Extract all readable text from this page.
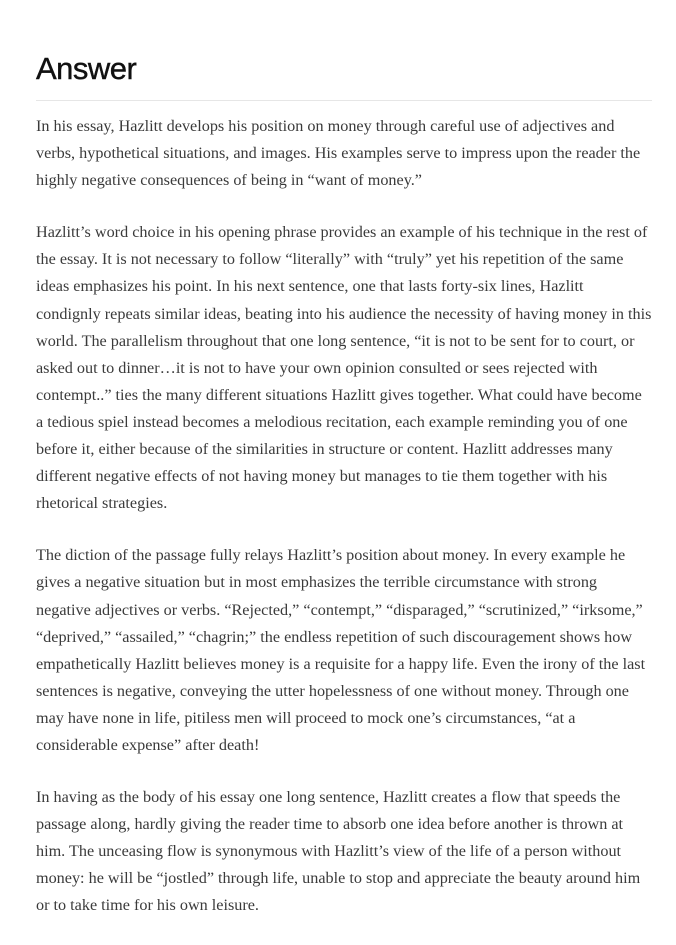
Answer

In his essay, Hazlitt develops his position on money through careful use of adjectives and verbs, hypothetical situations, and images. His examples serve to impress upon the reader the highly negative consequences of being in “want of money.”

Hazlitt’s word choice in his opening phrase provides an example of his technique in the rest of the essay. It is not necessary to follow “literally” with “truly” yet his repetition of the same ideas emphasizes his point. In his next sentence, one that lasts forty-six lines, Hazlitt condignly repeats similar ideas, beating into his audience the necessity of having money in this world. The parallelism throughout that one long sentence, “it is not to be sent for to court, or asked out to dinner…it is not to have your own opinion consulted or sees rejected with contempt..” ties the many different situations Hazlitt gives together. What could have become a tedious spiel instead becomes a melodious recitation, each example reminding you of one before it, either because of the similarities in structure or content. Hazlitt addresses many different negative effects of not having money but manages to tie them together with his rhetorical strategies.

The diction of the passage fully relays Hazlitt’s position about money. In every example he gives a negative situation but in most emphasizes the terrible circumstance with strong negative adjectives or verbs. “Rejected,” “contempt,” “disparaged,” “scrutinized,” “irksome,” “deprived,” “assailed,” “chagrin;” the endless repetition of such discouragement shows how empathetically Hazlitt believes money is a requisite for a happy life. Even the irony of the last sentences is negative, conveying the utter hopelessness of one without money. Through one may have none in life, pitiless men will proceed to mock one’s circumstances, “at a considerable expense” after death!

In having as the body of his essay one long sentence, Hazlitt creates a flow that speeds the passage along, hardly giving the reader time to absorb one idea before another is thrown at him. The unceasing flow is synonymous with Hazlitt’s view of the life of a person without money: he will be “jostled” through life, unable to stop and appreciate the beauty around him or to take time for his own leisure.
